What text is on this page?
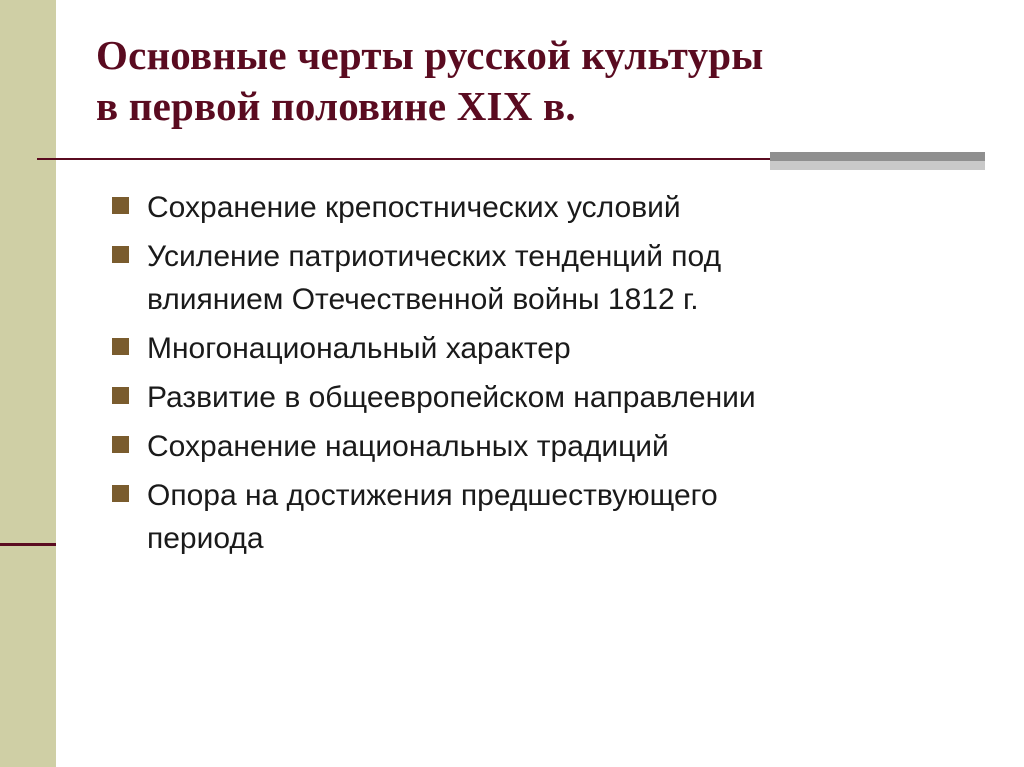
Основные черты русской культуры
в первой половине XIX в.
Сохранение крепостнических условий
Усиление патриотических тенденций под влиянием Отечественной войны 1812 г.
Многонациональный характер
Развитие в общеевропейском направлении
Сохранение национальных традиций
Опора на достижения предшествующего периода
